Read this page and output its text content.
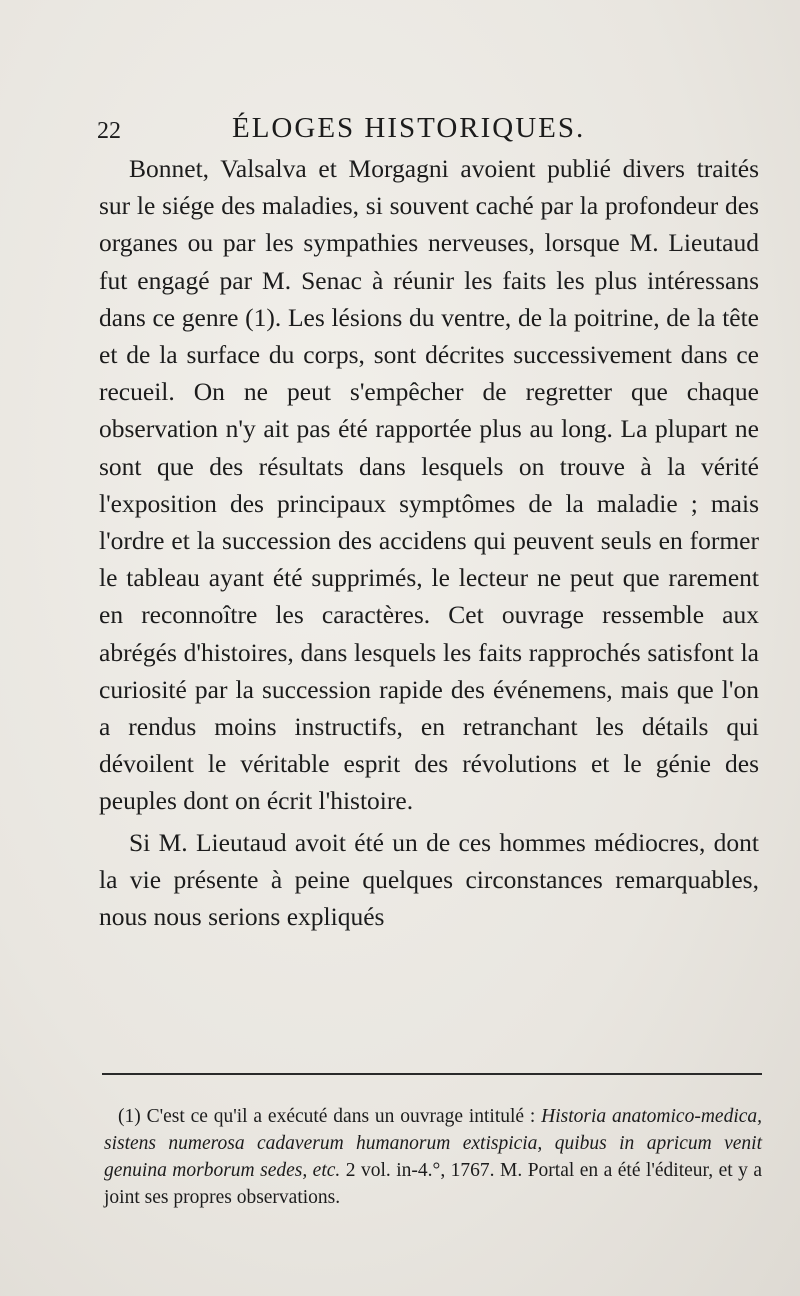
22	ÉLOGES HISTORIQUES.

Bonnet, Valsalva et Morgagni avoient publié divers traités sur le siége des maladies, si souvent caché par la profondeur des organes ou par les sympathies nerveuses, lorsque M. Lieutaud fut engagé par M. Senac à réunir les faits les plus intéressans dans ce genre (1). Les lésions du ventre, de la poitrine, de la tête et de la surface du corps, sont décrites successivement dans ce recueil. On ne peut s'empêcher de regretter que chaque observation n'y ait pas été rapportée plus au long. La plupart ne sont que des résultats dans lesquels on trouve à la vérité l'exposition des principaux symptômes de la maladie ; mais l'ordre et la succession des accidens qui peuvent seuls en former le tableau ayant été supprimés, le lecteur ne peut que rarement en reconnoître les caractères. Cet ouvrage ressemble aux abrégés d'histoires, dans lesquels les faits rapprochés satisfont la curiosité par la succession rapide des événemens, mais que l'on a rendus moins instructifs, en retranchant les détails qui dévoilent le véritable esprit des révolutions et le génie des peuples dont on écrit l'histoire.

Si M. Lieutaud avoit été un de ces hommes médiocres, dont la vie présente à peine quelques circonstances remarquables, nous nous serions expliqués

(1) C'est ce qu'il a exécuté dans un ouvrage intitulé : Historia anatomico-medica, sistens numerosa cadaverum humanorum extispicia, quibus in apricum venit genuina morborum sedes, etc. 2 vol. in-4.°, 1767. M. Portal en a été l'éditeur, et y a joint ses propres observations.
